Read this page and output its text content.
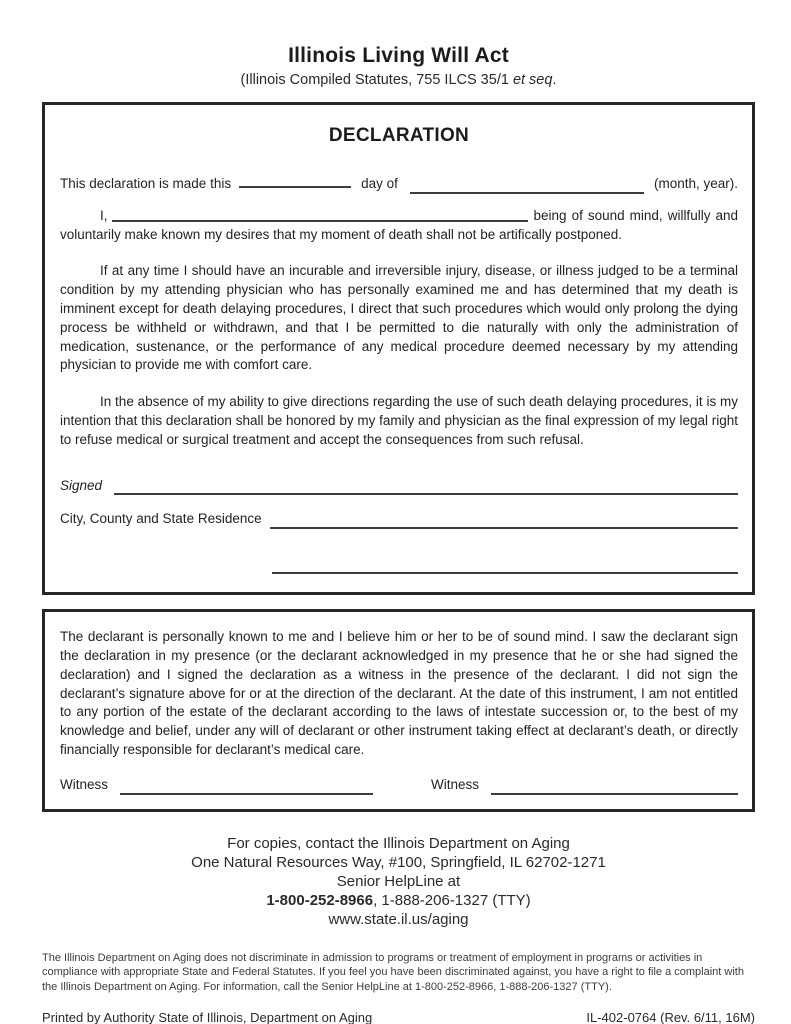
Illinois Living Will Act
(Illinois Compiled Statutes, 755 ILCS 35/1 et seq.
DECLARATION
This declaration is made this	day of	(month, year).

I,	being of sound mind, willfully and voluntarily make known my desires that my moment of death shall not be artifically postponed.

If at any time I should have an incurable and irreversible injury, disease, or illness judged to be a terminal condition by my attending physician who has personally examined me and has determined that my death is imminent except for death delaying procedures, I direct that such procedures which would only prolong the dying process be withheld or withdrawn, and that I be permitted to die naturally with only the administration of medication, sustenance, or the performance of any medical procedure deemed necessary by my attending physician to provide me with comfort care.

In the absence of my ability to give directions regarding the use of such death delaying procedures, it is my intention that this declaration shall be honored by my family and physician as the final expression of my legal right to refuse medical or surgical treatment and accept the consequences from such refusal.

Signed
City, County and State Residence

The declarant is personally known to me and I believe him or her to be of sound mind. I saw the declarant sign the declaration in my presence (or the declarant acknowledged in my presence that he or she had signed the declaration) and I signed the declaration as a witness in the presence of the declarant. I did not sign the declarant’s signature above for or at the direction of the declarant. At the date of this instrument, I am not entitled to any portion of the estate of the declarant according to the laws of intestate succession or, to the best of my knowledge and belief, under any will of declarant or other instrument taking effect at declarant’s death, or directly financially responsible for declarant’s medical care.

Witness	Witness
For copies, contact the Illinois Department on Aging
One Natural Resources Way, #100, Springfield, IL 62702-1271
Senior HelpLine at
1-800-252-8966, 1-888-206-1327 (TTY)
www.state.il.us/aging

The Illinois Department on Aging does not discriminate in admission to programs or treatment of employment in programs or activities in compliance with appropriate State and Federal Statutes. If you feel you have been discriminated against, you have a right to file a complaint with the Illinois Department on Aging. For information, call the Senior HelpLine at 1-800-252-8966, 1-888-206-1327 (TTY).

Printed by Authority State of Illinois, Department on Aging	IL-402-0764 (Rev. 6/11, 16M)
